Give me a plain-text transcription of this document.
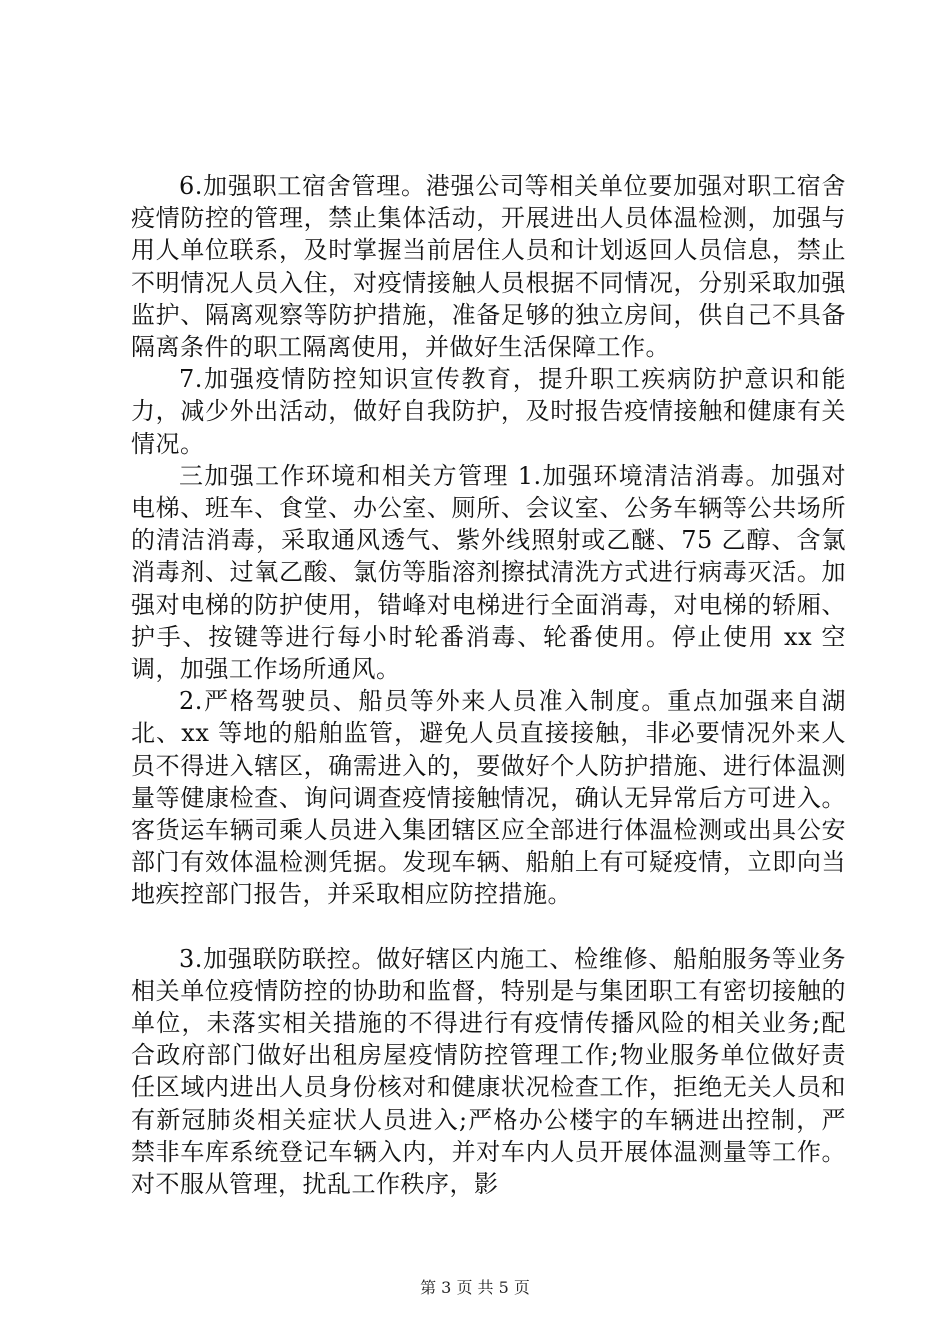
6.加强职工宿舍管理。港强公司等相关单位要加强对职工宿舍疫情防控的管理，禁止集体活动，开展进出人员体温检测，加强与用人单位联系，及时掌握当前居住人员和计划返回人员信息，禁止不明情况人员入住，对疫情接触人员根据不同情况，分别采取加强监护、隔离观察等防护措施，准备足够的独立房间，供自己不具备隔离条件的职工隔离使用，并做好生活保障工作。

7.加强疫情防控知识宣传教育，提升职工疾病防护意识和能力，减少外出活动，做好自我防护，及时报告疫情接触和健康有关情况。

三加强工作环境和相关方管理 1.加强环境清洁消毒。加强对电梯、班车、食堂、办公室、厕所、会议室、公务车辆等公共场所的清洁消毒，采取通风透气、紫外线照射或乙醚、75 乙醇、含氯消毒剂、过氧乙酸、氯仿等脂溶剂擦拭清洗方式进行病毒灭活。加强对电梯的防护使用，错峰对电梯进行全面消毒，对电梯的轿厢、护手、按键等进行每小时轮番消毒、轮番使用。停止使用 xx 空调，加强工作场所通风。

2.严格驾驶员、船员等外来人员准入制度。重点加强来自湖北、xx 等地的船舶监管，避免人员直接接触，非必要情况外来人员不得进入辖区，确需进入的，要做好个人防护措施、进行体温测量等健康检查、询问调查疫情接触情况，确认无异常后方可进入。客货运车辆司乘人员进入集团辖区应全部进行体温检测或出具公安部门有效体温检测凭据。发现车辆、船舶上有可疑疫情，立即向当地疾控部门报告，并采取相应防控措施。

3.加强联防联控。做好辖区内施工、检维修、船舶服务等业务相关单位疫情防控的协助和监督，特别是与集团职工有密切接触的单位，未落实相关措施的不得进行有疫情传播风险的相关业务;配合政府部门做好出租房屋疫情防控管理工作;物业服务单位做好责任区域内进出人员身份核对和健康状况检查工作，拒绝无关人员和有新冠肺炎相关症状人员进入;严格办公楼宇的车辆进出控制，严禁非车库系统登记车辆入内，并对车内人员开展体温测量等工作。对不服从管理，扰乱工作秩序，影

第 3 页 共 5 页
